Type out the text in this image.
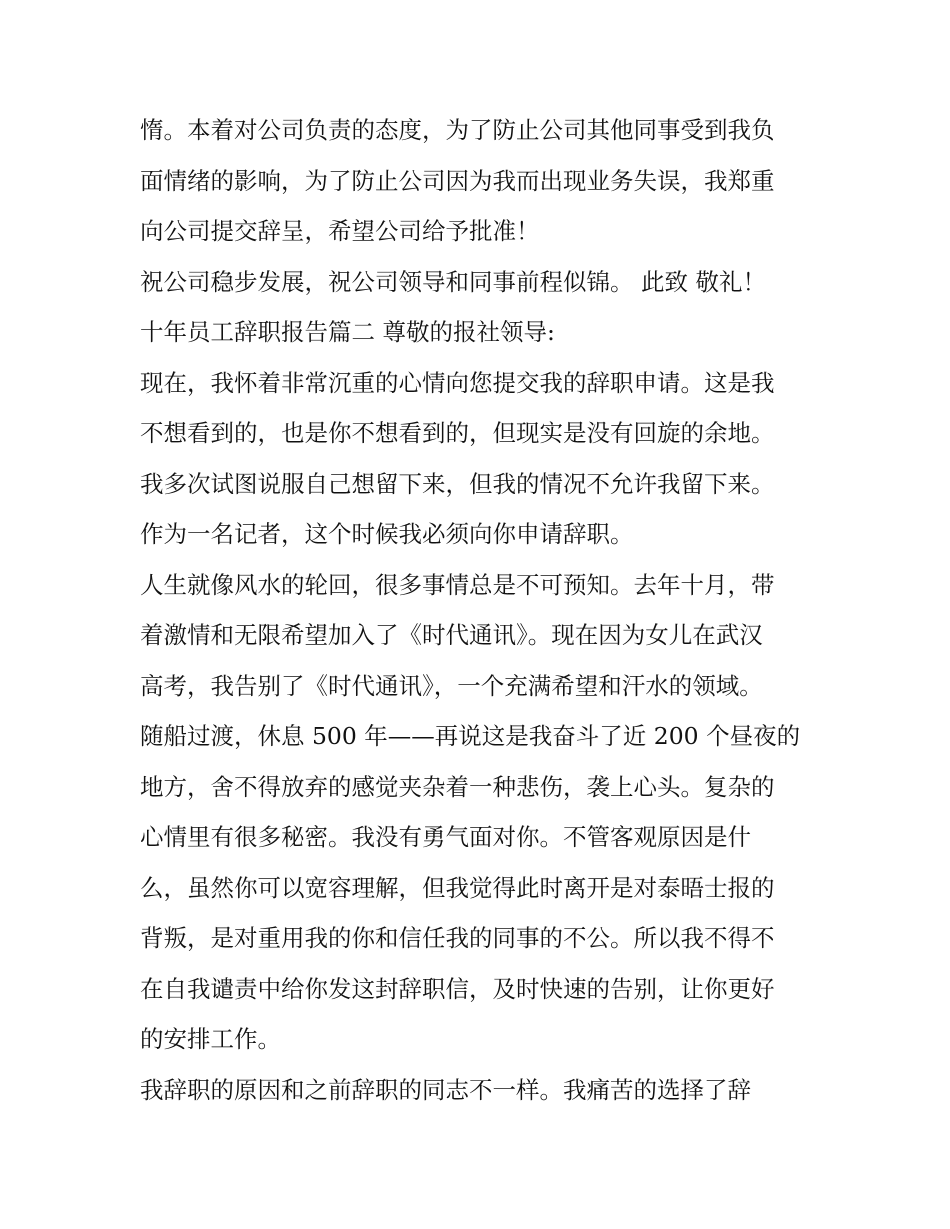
惰。本着对公司负责的态度，为了防止公司其他同事受到我负
面情绪的影响，为了防止公司因为我而出现业务失误，我郑重
向公司提交辞呈，希望公司给予批准！
祝公司稳步发展，祝公司领导和同事前程似锦。 此致 敬礼！
十年员工辞职报告篇二 尊敬的报社领导:
现在，我怀着非常沉重的心情向您提交我的辞职申请。这是我
不想看到的，也是你不想看到的，但现实是没有回旋的余地。
我多次试图说服自己想留下来，但我的情况不允许我留下来。
作为一名记者，这个时候我必须向你申请辞职。
人生就像风水的轮回，很多事情总是不可预知。去年十月，带
着激情和无限希望加入了《时代通讯》。现在因为女儿在武汉
高考，我告别了《时代通讯》，一个充满希望和汗水的领域。
随船过渡，休息 500 年——再说这是我奋斗了近 200 个昼夜的
地方，舍不得放弃的感觉夹杂着一种悲伤，袭上心头。复杂的
心情里有很多秘密。我没有勇气面对你。不管客观原因是什
么，虽然你可以宽容理解，但我觉得此时离开是对泰晤士报的
背叛，是对重用我的你和信任我的同事的不公。所以我不得不
在自我谴责中给你发这封辞职信，及时快速的告别，让你更好
的安排工作。
我辞职的原因和之前辞职的同志不一样。我痛苦的选择了辞
